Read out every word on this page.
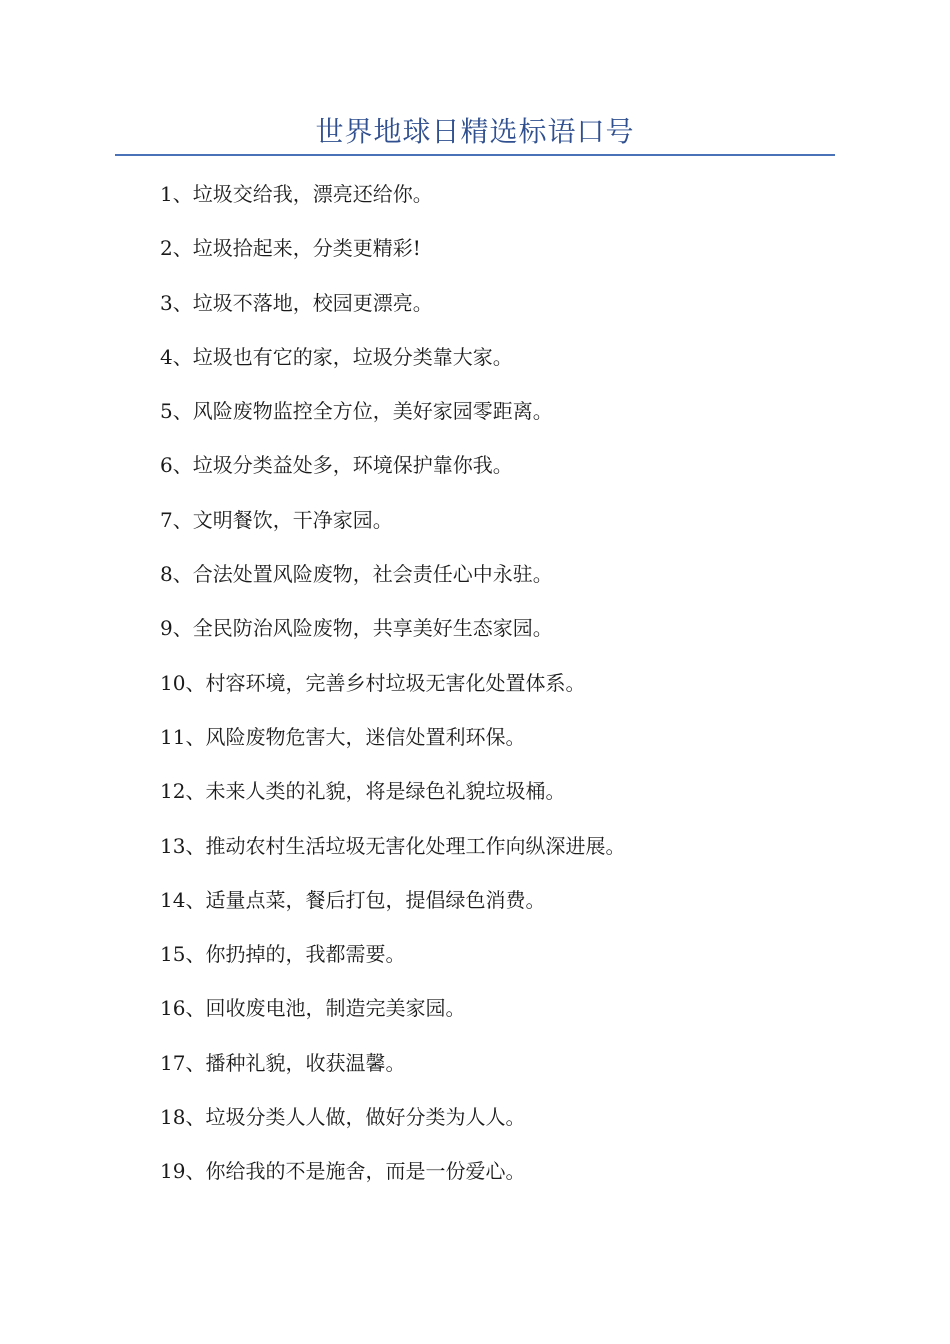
世界地球日精选标语口号
1、垃圾交给我，漂亮还给你。
2、垃圾拾起来，分类更精彩!
3、垃圾不落地，校园更漂亮。
4、垃圾也有它的家，垃圾分类靠大家。
5、风险废物监控全方位，美好家园零距离。
6、垃圾分类益处多，环境保护靠你我。
7、文明餐饮，干净家园。
8、合法处置风险废物，社会责任心中永驻。
9、全民防治风险废物，共享美好生态家园。
10、村容环境，完善乡村垃圾无害化处置体系。
11、风险废物危害大，迷信处置利环保。
12、未来人类的礼貌，将是绿色礼貌垃圾桶。
13、推动农村生活垃圾无害化处理工作向纵深进展。
14、适量点菜，餐后打包，提倡绿色消费。
15、你扔掉的，我都需要。
16、回收废电池，制造完美家园。
17、播种礼貌，收获温馨。
18、垃圾分类人人做，做好分类为人人。
19、你给我的不是施舍，而是一份爱心。
